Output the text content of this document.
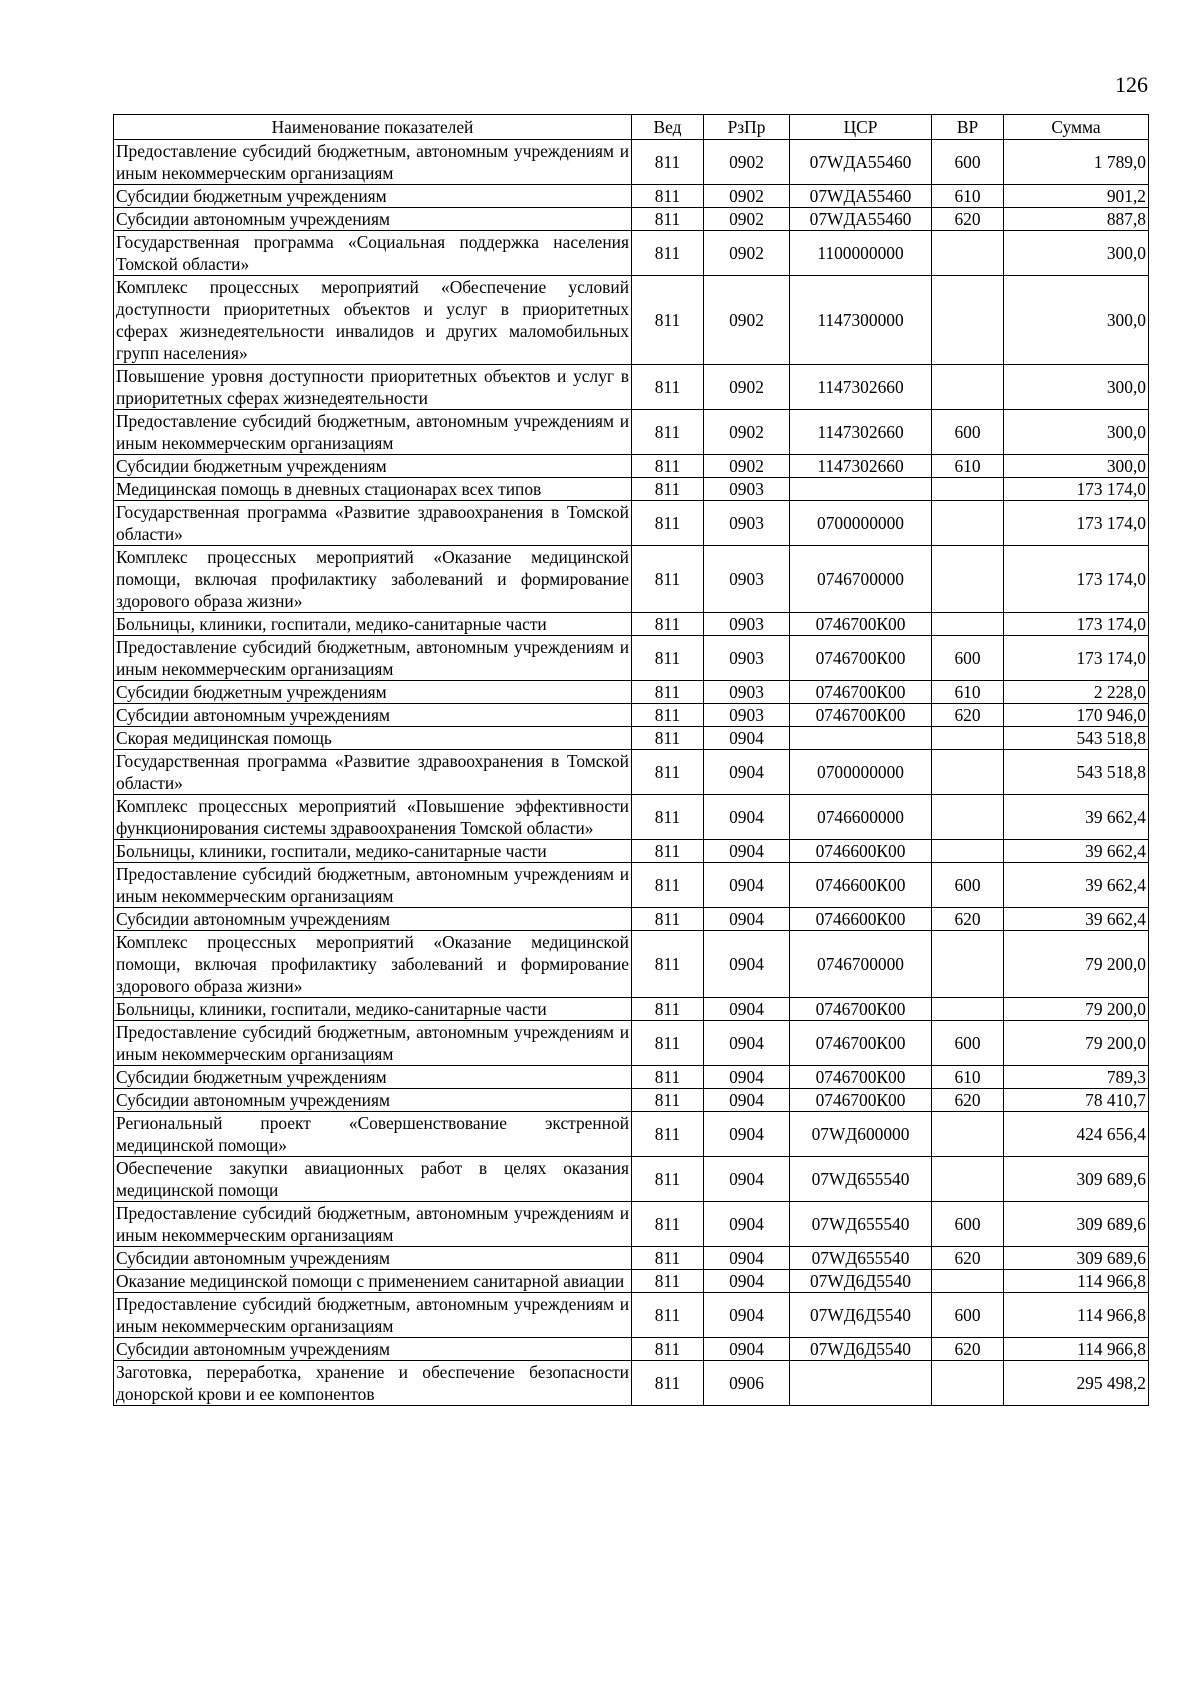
126
Наименование показателей	Вед	РзПр	ЦСР	ВР	Сумма
Предоставление субсидий бюджетным, автономным учреждениям и иным некоммерческим организациям	811	0902	07WДА55460	600	1 789,0
Субсидии бюджетным учреждениям	811	0902	07WДА55460	610	901,2
Субсидии автономным учреждениям	811	0902	07WДА55460	620	887,8
Государственная программа «Социальная поддержка населения Томской области»	811	0902	1100000000		300,0
Комплекс процессных мероприятий «Обеспечение условий доступности приоритетных объектов и услуг в приоритетных сферах жизнедеятельности инвалидов и других маломобильных групп населения»	811	0902	1147300000		300,0
Повышение уровня доступности приоритетных объектов и услуг в приоритетных сферах жизнедеятельности	811	0902	1147302660		300,0
Предоставление субсидий бюджетным, автономным учреждениям и иным некоммерческим организациям	811	0902	1147302660	600	300,0
Субсидии бюджетным учреждениям	811	0902	1147302660	610	300,0
Медицинская помощь в дневных стационарах всех типов	811	0903			173 174,0
Государственная программа «Развитие здравоохранения в Томской области»	811	0903	0700000000		173 174,0
Комплекс процессных мероприятий «Оказание медицинской помощи, включая профилактику заболеваний и формирование здорового образа жизни»	811	0903	0746700000		173 174,0
Больницы, клиники, госпитали, медико-санитарные части	811	0903	0746700К00		173 174,0
Предоставление субсидий бюджетным, автономным учреждениям и иным некоммерческим организациям	811	0903	0746700К00	600	173 174,0
Субсидии бюджетным учреждениям	811	0903	0746700К00	610	2 228,0
Субсидии автономным учреждениям	811	0903	0746700К00	620	170 946,0
Скорая медицинская помощь	811	0904			543 518,8
Государственная программа «Развитие здравоохранения в Томской области»	811	0904	0700000000		543 518,8
Комплекс процессных мероприятий «Повышение эффективности функционирования системы здравоохранения Томской области»	811	0904	0746600000		39 662,4
Больницы, клиники, госпитали, медико-санитарные части	811	0904	0746600К00		39 662,4
Предоставление субсидий бюджетным, автономным учреждениям и иным некоммерческим организациям	811	0904	0746600К00	600	39 662,4
Субсидии автономным учреждениям	811	0904	0746600К00	620	39 662,4
Комплекс процессных мероприятий «Оказание медицинской помощи, включая профилактику заболеваний и формирование здорового образа жизни»	811	0904	0746700000		79 200,0
Больницы, клиники, госпитали, медико-санитарные части	811	0904	0746700К00		79 200,0
Предоставление субсидий бюджетным, автономным учреждениям и иным некоммерческим организациям	811	0904	0746700К00	600	79 200,0
Субсидии бюджетным учреждениям	811	0904	0746700К00	610	789,3
Субсидии автономным учреждениям	811	0904	0746700К00	620	78 410,7
Региональный проект «Совершенствование экстренной медицинской помощи»	811	0904	07WД600000		424 656,4
Обеспечение закупки авиационных работ в целях оказания медицинской помощи	811	0904	07WД655540		309 689,6
Предоставление субсидий бюджетным, автономным учреждениям и иным некоммерческим организациям	811	0904	07WД655540	600	309 689,6
Субсидии автономным учреждениям	811	0904	07WД655540	620	309 689,6
Оказание медицинской помощи с применением санитарной авиации	811	0904	07WД6Д5540		114 966,8
Предоставление субсидий бюджетным, автономным учреждениям и иным некоммерческим организациям	811	0904	07WД6Д5540	600	114 966,8
Субсидии автономным учреждениям	811	0904	07WД6Д5540	620	114 966,8
Заготовка, переработка, хранение и обеспечение безопасности донорской крови и ее компонентов	811	0906			295 498,2
